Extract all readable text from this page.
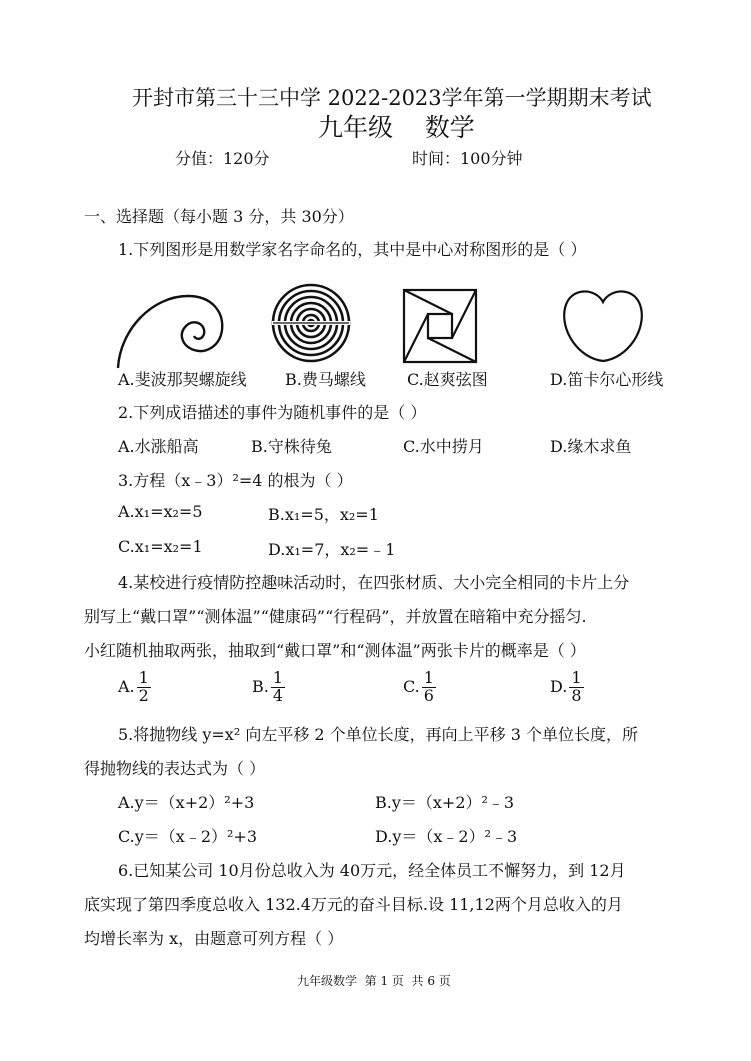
开封市第三十三中学 2022-2023学年第一学期期末考试
九年级    数学
分值：120分	时间：100分钟
一、选择题（每小题 3 分，共 30分）
1.下列图形是用数学家名字命名的，其中是中心对称图形的是（ ）
A.斐波那契螺旋线 B.费马螺线	C.赵爽弦图	D.笛卡尔心形线
2.下列成语描述的事件为随机事件的是（ ）
A.水涨船高	B.守株待兔	C.水中捞月	D.缘木求鱼
3.方程（x﹣3）²=4 的根为（ ）
A.x₁=x₂=5	B.x₁=5，x₂=1
C.x₁=x₂=1	D.x₁=7，x₂=﹣1
4.某校进行疫情防控趣味活动时，在四张材质、大小完全相同的卡片上分
别写上“戴口罩”“测体温”“健康码”“行程码”，并放置在暗箱中充分摇匀.
小红随机抽取两张，抽取到“戴口罩”和“测体温”两张卡片的概率是（ ）
A. $\frac{1}{2}$	B. $\frac{1}{4}$	C. $\frac{1}{6}$	D. $\frac{1}{8}$
5.将抛物线 y=x² 向左平移 2 个单位长度，再向上平移 3 个单位长度，所
得抛物线的表达式为（ ）
A.y＝（x+2）²+3	B.y＝（x+2）²﹣3
C.y＝（x﹣2）²+3	D.y＝（x﹣2）²﹣3
6.已知某公司 10月份总收入为 40万元，经全体员工不懈努力，到 12月
底实现了第四季度总收入 132.4万元的奋斗目标.设 11,12两个月总收入的月
均增长率为 x，由题意可列方程（ ）
九年级数学  第 1 页  共 6 页
